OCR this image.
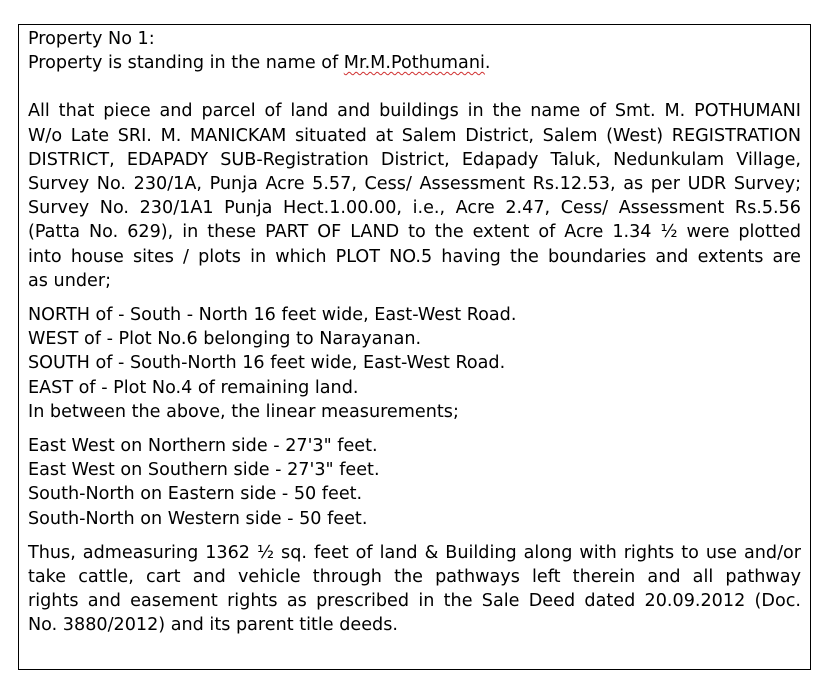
Property No 1:

Property is standing in the name of Mr.M.Pothumani.

All that piece and parcel of land and buildings in the name of Smt. M. POTHUMANI

W/o Late SRI. M. MANICKAM situated at Salem District, Salem (West) REGISTRATION

DISTRICT, EDAPADY SUB-Registration District, Edapady Taluk, Nedunkulam Village,

Survey No. 230/1A, Punja Acre 5.57, Cess/ Assessment Rs.12.53, as per UDR Survey;

Survey No. 230/1A1 Punja Hect.1.00.00, i.e., Acre 2.47, Cess/ Assessment Rs.5.56

(Patta No. 629), in these PART OF LAND to the extent of Acre 1.34 ½ were plotted

into house sites / plots in which PLOT NO.5 having the boundaries and extents are

as under;

NORTH of - South - North 16 feet wide, East-West Road.

WEST of - Plot No.6 belonging to Narayanan.

SOUTH of - South-North 16 feet wide, East-West Road.

EAST of - Plot No.4 of remaining land.

In between the above, the linear measurements;

East West on Northern side - 27'3" feet.

East West on Southern side - 27'3" feet.

South-North on Eastern side - 50 feet.

South-North on Western side - 50 feet.

Thus, admeasuring 1362 ½ sq. feet of land & Building along with rights to use and/or

take cattle, cart and vehicle through the pathways left therein and all pathway

rights and easement rights as prescribed in the Sale Deed dated 20.09.2012 (Doc.

No. 3880/2012) and its parent title deeds.
